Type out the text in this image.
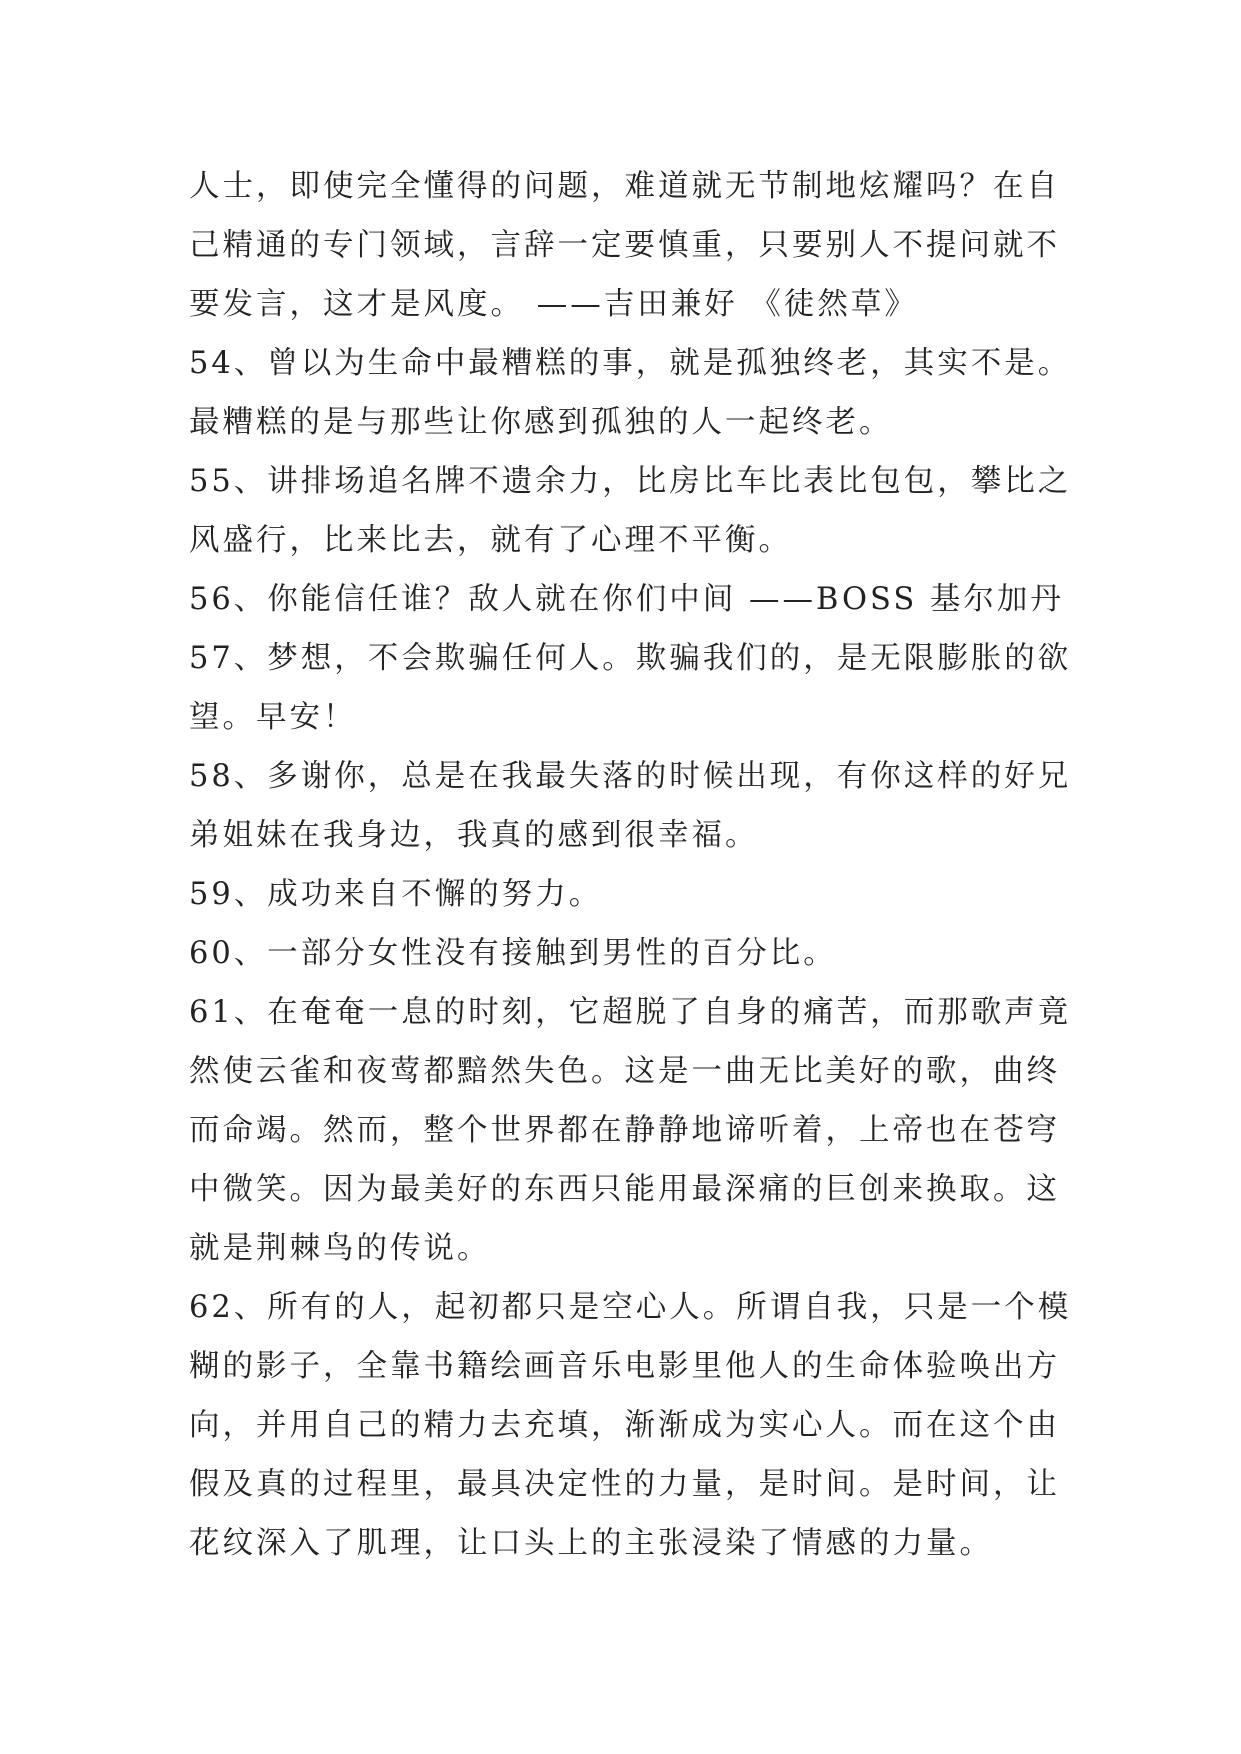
人士，即使完全懂得的问题，难道就无节制地炫耀吗？在自
己精通的专门领域，言辞一定要慎重，只要别人不提问就不
要发言，这才是风度。 ——吉田兼好 《徒然草》
54、曾以为生命中最糟糕的事，就是孤独终老，其实不是。
最糟糕的是与那些让你感到孤独的人一起终老。
55、讲排场追名牌不遗余力，比房比车比表比包包，攀比之
风盛行，比来比去，就有了心理不平衡。
56、你能信任谁？敌人就在你们中间 ——BOSS 基尔加丹
57、梦想，不会欺骗任何人。欺骗我们的，是无限膨胀的欲
望。早安！
58、多谢你，总是在我最失落的时候出现，有你这样的好兄
弟姐妹在我身边，我真的感到很幸福。
59、成功来自不懈的努力。
60、一部分女性没有接触到男性的百分比。
61、在奄奄一息的时刻，它超脱了自身的痛苦，而那歌声竟
然使云雀和夜莺都黯然失色。这是一曲无比美好的歌，曲终
而命竭。然而，整个世界都在静静地谛听着，上帝也在苍穹
中微笑。因为最美好的东西只能用最深痛的巨创来换取。这
就是荆棘鸟的传说。
62、所有的人，起初都只是空心人。所谓自我，只是一个模
糊的影子，全靠书籍绘画音乐电影里他人的生命体验唤出方
向，并用自己的精力去充填，渐渐成为实心人。而在这个由
假及真的过程里，最具决定性的力量，是时间。是时间，让
花纹深入了肌理，让口头上的主张浸染了情感的力量。
